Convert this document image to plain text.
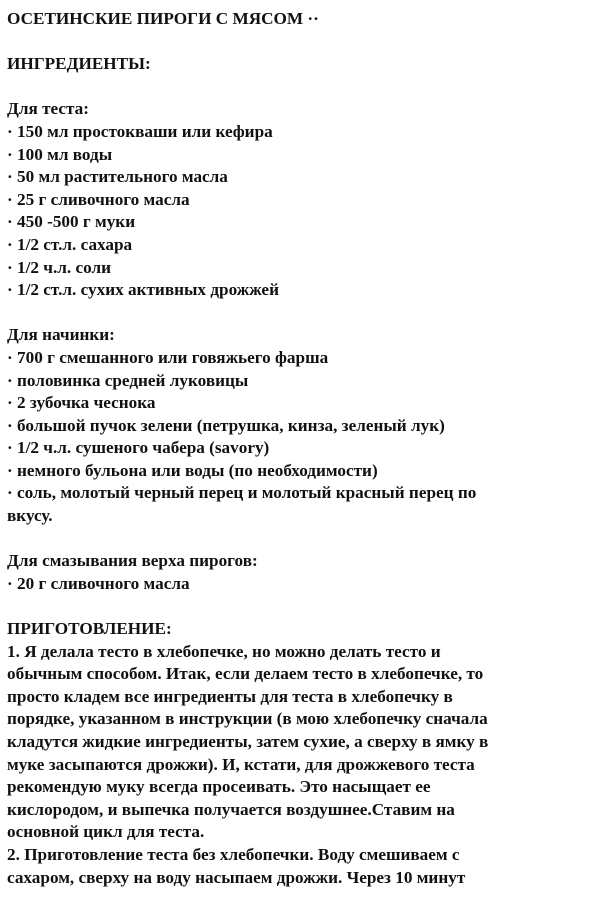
ОСЕТИНСКИЕ ПИРОГИ С МЯСОМ ··
ИНГРЕДИЕНТЫ:
Для теста:
· 150 мл простокваши или кефира
· 100 мл воды
· 50 мл растительного масла
· 25 г сливочного масла
· 450 -500 г муки
· 1/2 ст.л. сахара
· 1/2 ч.л. соли
· 1/2 ст.л. сухих активных дрожжей
Для начинки:
· 700 г смешанного или говяжьего фарша
· половинка средней луковицы
· 2 зубочка чеснока
· большой пучок зелени (петрушка, кинза, зеленый лук)
· 1/2 ч.л. сушеного чабера (savory)
· немного бульона или воды (по необходимости)
· соль, молотый черный перец и молотый красный перец по
вкусу.
Для смазывания верха пирогов:
· 20 г сливочного масла
ПРИГОТОВЛЕНИЕ:
1. Я делала тесто в хлебопечке, но можно делать тесто и
обычным способом. Итак, если делаем тесто в хлебопечке, то
просто кладем все ингредиенты для теста в хлебопечку в
порядке, указанном в инструкции (в мою хлебопечку сначала
кладутся жидкие ингредиенты, затем сухие, а сверху в ямку в
муке засыпаются дрожжи). И, кстати, для дрожжевого теста
рекомендую муку всегда просеивать. Это насыщает ее
кислородом, и выпечка получается воздушнее.Ставим на
основной цикл для теста.
2. Приготовление теста без хлебопечки. Воду смешиваем с
сахаром, сверху на воду насыпаем дрожжи. Через 10 минут
